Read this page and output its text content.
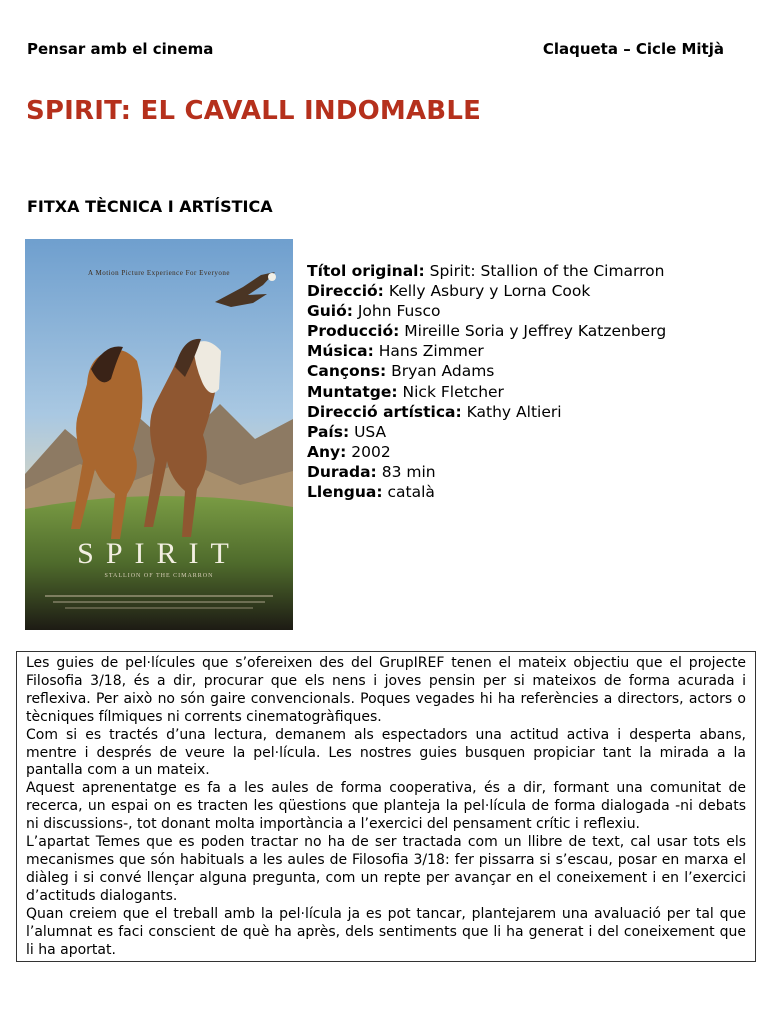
Pensar amb el cinema	Claqueta – Cicle Mitjà
SPIRIT: EL CAVALL INDOMABLE
FITXA TÈCNICA I ARTÍSTICA
A Motion Picture Experience For Everyone
SPIRIT
STALLION OF THE CIMARRON
Títol original: Spirit: Stallion of the Cimarron
Direcció: Kelly Asbury y Lorna Cook
Guió: John Fusco
Producció: Mireille Soria y Jeffrey Katzenberg
Música: Hans Zimmer
Cançons: Bryan Adams
Muntatge: Nick Fletcher
Direcció artística: Kathy Altieri
País: USA
Any: 2002
Durada: 83 min
Llengua: català

Les guies de pel·lícules que s’ofereixen des del GrupIREF tenen el mateix objectiu que el projecte Filosofia 3/18, és a dir, procurar que els nens i joves pensin per si mateixos de forma acurada i reflexiva. Per això no són gaire convencionals. Poques vegades hi ha referències a directors, actors o tècniques fílmiques ni corrents cinematogràfiques.

Com si es tractés d’una lectura, demanem als espectadors una actitud activa i desperta abans, mentre i després de veure la pel·lícula. Les nostres guies busquen propiciar tant la mirada a la pantalla com a un mateix.

Aquest aprenentatge es fa a les aules de forma cooperativa, és a dir, formant una comunitat de recerca, un espai on es tracten les qüestions que planteja la pel·lícula de forma dialogada -ni debats ni discussions-, tot donant molta importància a l’exercici del pensament crític i reflexiu.

L’apartat Temes que es poden tractar no ha de ser tractada com un llibre de text, cal usar tots els mecanismes que són habituals a les aules de Filosofia 3/18: fer pissarra si s’escau, posar en marxa el diàleg i si convé llençar alguna pregunta, com un repte per avançar en el coneixement i en l’exercici d’actituds dialogants.

Quan creiem que el treball amb la pel·lícula ja es pot tancar, plantejarem una avaluació per tal que l’alumnat es faci conscient de què ha après, dels sentiments que li ha generat i del coneixement que li ha aportat.
